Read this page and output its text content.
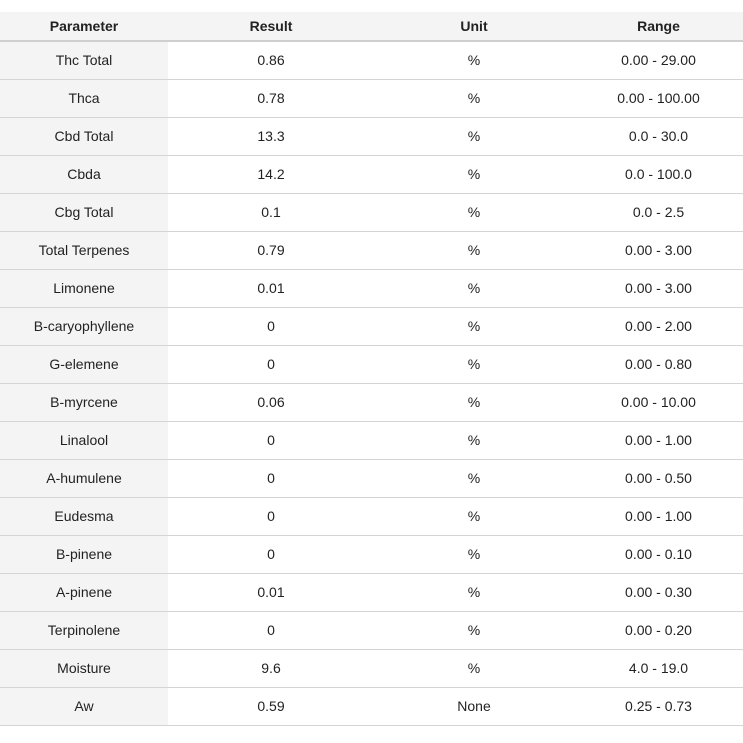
Parameter	Result	Unit	Range
Thc Total	0.86	%	0.00 - 29.00
Thca	0.78	%	0.00 - 100.00
Cbd Total	13.3	%	0.0 - 30.0
Cbda	14.2	%	0.0 - 100.0
Cbg Total	0.1	%	0.0 - 2.5
Total Terpenes	0.79	%	0.00 - 3.00
Limonene	0.01	%	0.00 - 3.00
B-caryophyllene	0	%	0.00 - 2.00
G-elemene	0	%	0.00 - 0.80
B-myrcene	0.06	%	0.00 - 10.00
Linalool	0	%	0.00 - 1.00
A-humulene	0	%	0.00 - 0.50
Eudesma	0	%	0.00 - 1.00
B-pinene	0	%	0.00 - 0.10
A-pinene	0.01	%	0.00 - 0.30
Terpinolene	0	%	0.00 - 0.20
Moisture	9.6	%	4.0 - 19.0
Aw	0.59	None	0.25 - 0.73
